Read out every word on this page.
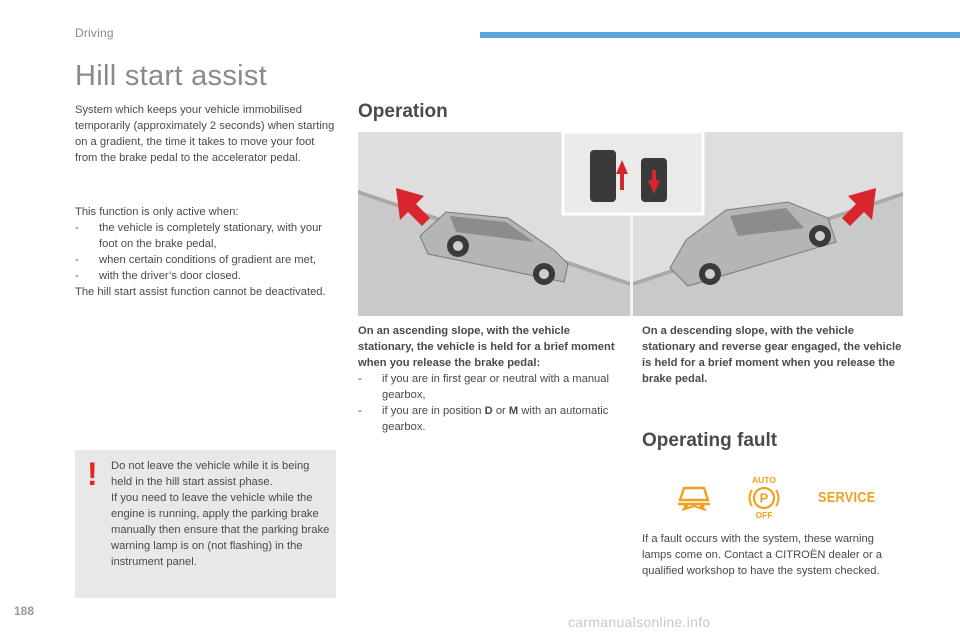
Driving
Hill start assist
System which keeps your vehicle immobilised temporarily (approximately 2 seconds) when starting on a gradient, the time it takes to move your foot from the brake pedal to the accelerator pedal.
This function is only active when:
- the vehicle is completely stationary, with your foot on the brake pedal,
- when certain conditions of gradient are met,
- with the driver’s door closed.
The hill start assist function cannot be deactivated.
! Do not leave the vehicle while it is being held in the hill start assist phase.
If you need to leave the vehicle while the engine is running, apply the parking brake manually then ensure that the parking brake warning lamp is on (not flashing) in the instrument panel.
Operation
On an ascending slope, with the vehicle stationary, the vehicle is held for a brief moment when you release the brake pedal:
- if you are in first gear or neutral with a manual gearbox,
- if you are in position D or M with an automatic gearbox.
On a descending slope, with the vehicle stationary and reverse gear engaged, the vehicle is held for a brief moment when you release the brake pedal.
Operating fault
AUTO
P
OFF
SERVICE
If a fault occurs with the system, these warning lamps come on. Contact a CITROËN dealer or a qualified workshop to have the system checked.
188
carmanualsonline.info
